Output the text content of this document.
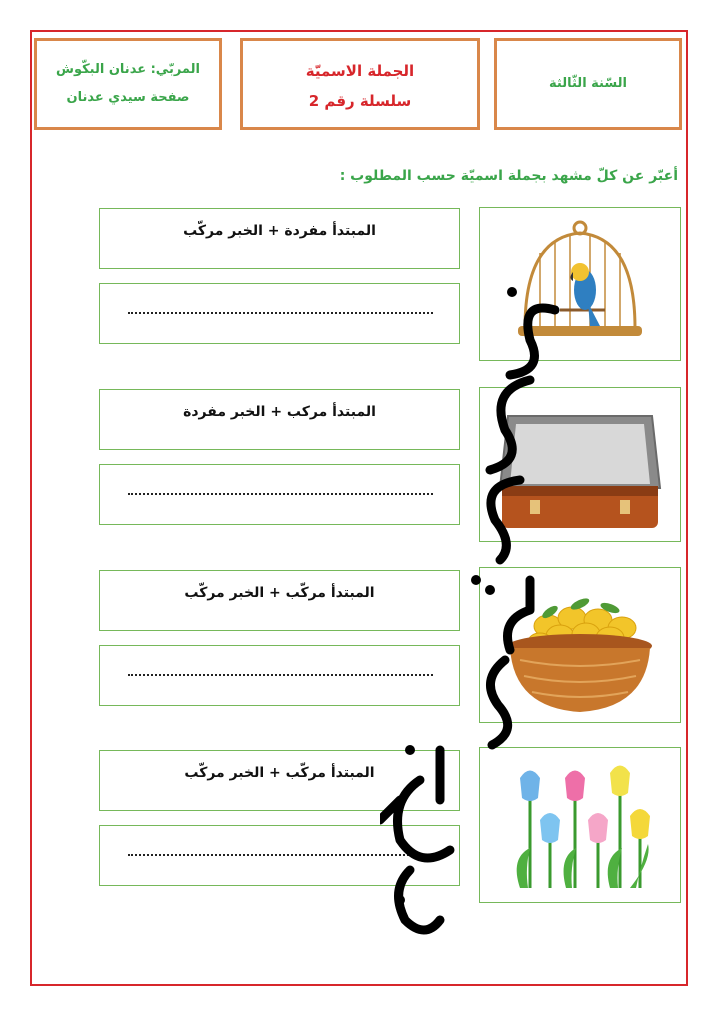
المربّي: عدنان البكّوش
صفحة سيدي عدنان
الجملة الاسميّة
سلسلة رقم 2
السّنة الثّالثة
أعبّر عن كلّ مشهد بجملة اسميّة حسب المطلوب :
المبتدأ مفردة + الخبر مركّب
المبتدأ مركب + الخبر مفردة
المبتدأ مركّب + الخبر مركّب
المبتدأ مركّب + الخبر مركّب
